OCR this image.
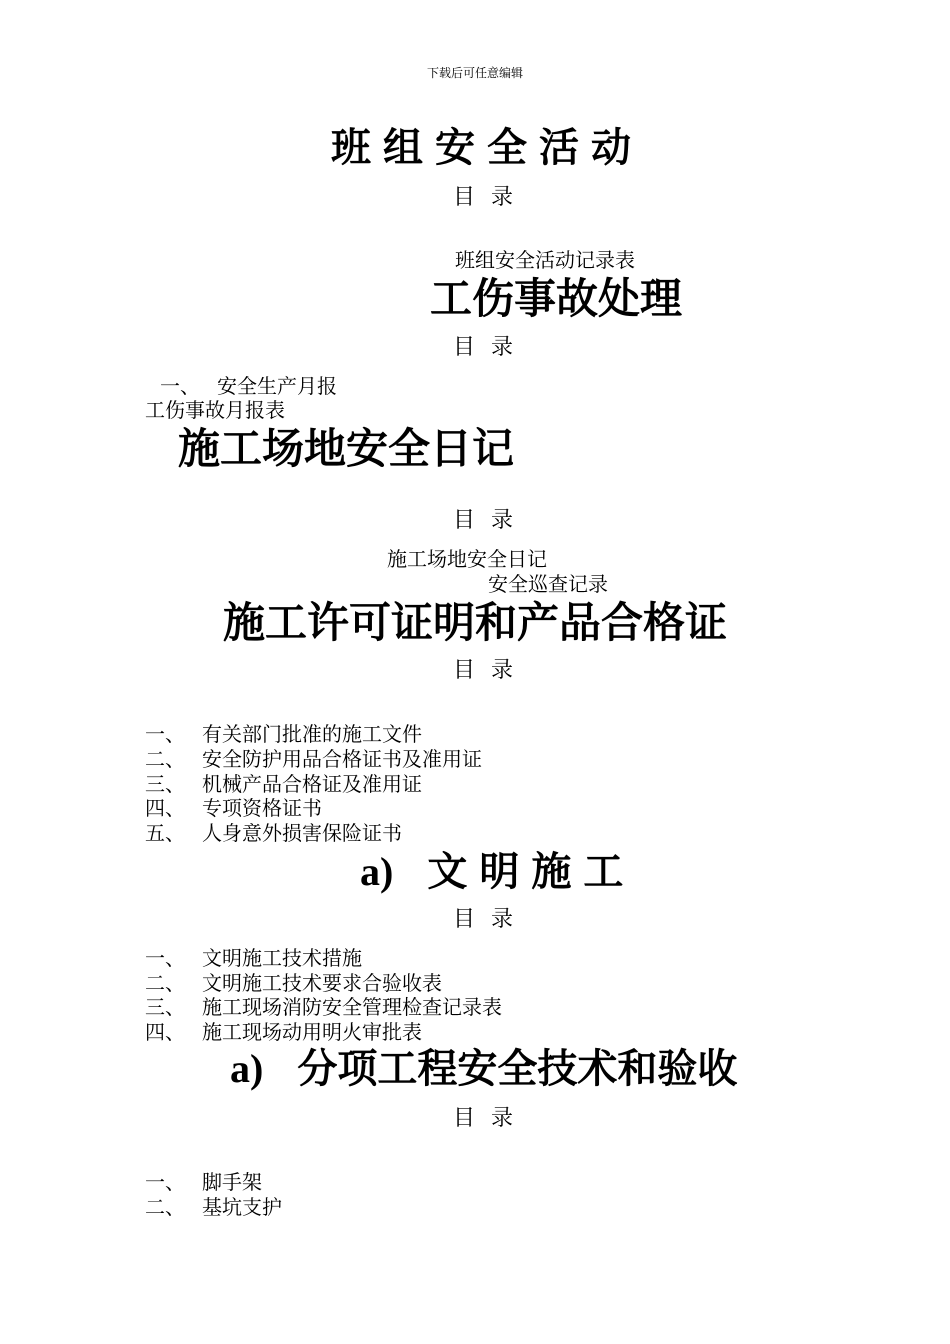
下载后可任意编辑
班组安全活动
目录
班组安全活动记录表
工伤事故处理
目录
一、 安全生产月报
工伤事故月报表
施工场地安全日记
目录
施工场地安全日记
安全巡查记录
施工许可证明和产品合格证
目录
一、 有关部门批准的施工文件
二、 安全防护用品合格证书及准用证
三、 机械产品合格证及准用证
四、 专项资格证书
五、 人身意外损害保险证书
a) 文明施工
目录
一、 文明施工技术措施
二、 文明施工技术要求合验收表
三、 施工现场消防安全管理检查记录表
四、 施工现场动用明火审批表
a) 分项工程安全技术和验收
目录
一、 脚手架
二、 基坑支护
